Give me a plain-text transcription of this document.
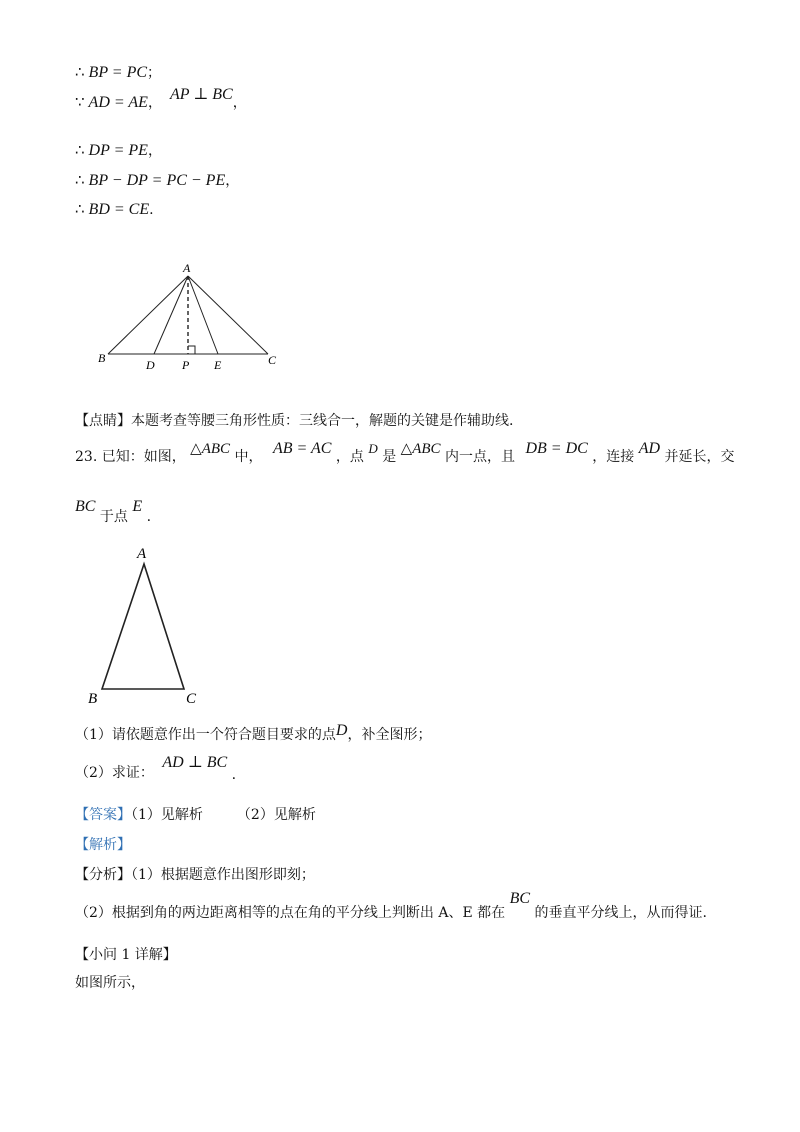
∴ BP = PC；
∵ AD = AE， AP ⊥ BC，
∴ DP = PE，
∴ BP − DP = PC − PE，
∴ BD = CE.
A
B	C
D P E
【点睛】本题考查等腰三角形性质：三线合一，解题的关键是作辅助线.
23. 已知：如图， △ABC 中， AB = AC ，点 D 是 △ABC 内一点，且 DB = DC ，连接 AD 并延长，交
BC 于点 E .
A
B	C
（1）请依题意作出一个符合题目要求的点D，补全图形；
（2）求证： AD ⊥ BC .
【答案】（1）见解析 （2）见解析
【解析】
【分析】（1）根据题意作出图形即刻；
（2）根据到角的两边距离相等的点在角的平分线上判断出 A、E 都在 BC 的垂直平分线上，从而得证.
【小问 1 详解】
如图所示，
